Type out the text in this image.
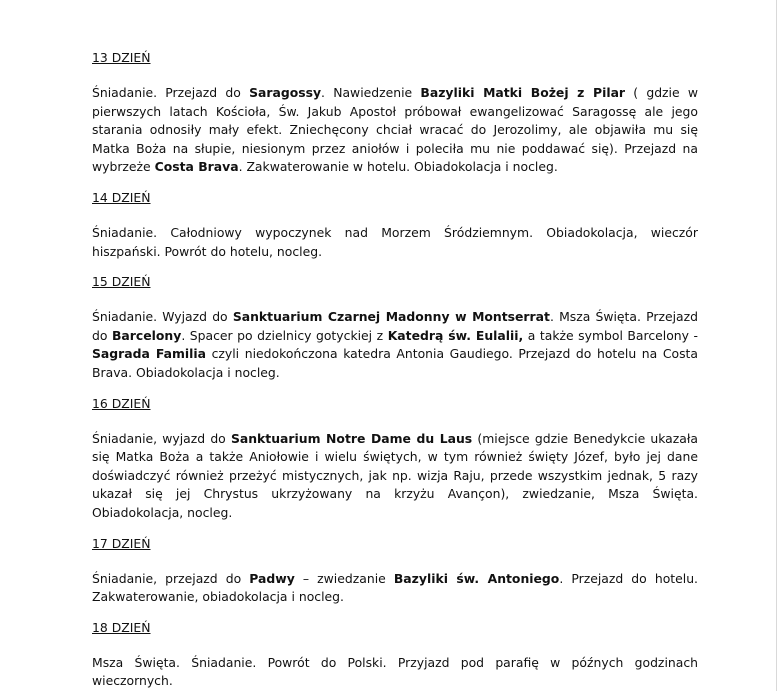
13 DZIEŃ

Śniadanie. Przejazd do Saragossy. Nawiedzenie Bazyliki Matki Bożej z Pilar ( gdzie w pierwszych latach Kościoła, Św. Jakub Apostoł próbował ewangelizować Saragossę ale jego starania odnosiły mały efekt. Zniechęcony chciał wracać do Jerozolimy, ale objawiła mu się Matka Boża na słupie, niesionym przez aniołów i poleciła mu nie poddawać się). Przejazd na wybrzeże Costa Brava. Zakwaterowanie w hotelu. Obiadokolacja i nocleg.

14 DZIEŃ

Śniadanie. Całodniowy wypoczynek nad Morzem Śródziemnym. Obiadokolacja, wieczór hiszpański. Powrót do hotelu, nocleg.

15 DZIEŃ

Śniadanie. Wyjazd do Sanktuarium Czarnej Madonny w Montserrat. Msza Święta. Przejazd do Barcelony. Spacer po dzielnicy gotyckiej z Katedrą św. Eulalii, a także symbol Barcelony - Sagrada Familia czyli niedokończona katedra Antonia Gaudiego. Przejazd do hotelu na Costa Brava. Obiadokolacja i nocleg.

16 DZIEŃ

Śniadanie, wyjazd do Sanktuarium Notre Dame du Laus (miejsce gdzie Benedykcie ukazała się Matka Boża a także Aniołowie i wielu świętych, w tym również święty Józef, było jej dane doświadczyć również przeżyć mistycznych, jak np. wizja Raju, przede wszystkim jednak, 5 razy ukazał się jej Chrystus ukrzyżowany na krzyżu Avançon), zwiedzanie, Msza Święta. Obiadokolacja, nocleg.

17 DZIEŃ

Śniadanie, przejazd do Padwy – zwiedzanie Bazyliki św. Antoniego. Przejazd do hotelu. Zakwaterowanie, obiadokolacja i nocleg.

18 DZIEŃ

Msza Święta. Śniadanie. Powrót do Polski. Przyjazd pod parafię w późnych godzinach wieczornych.
